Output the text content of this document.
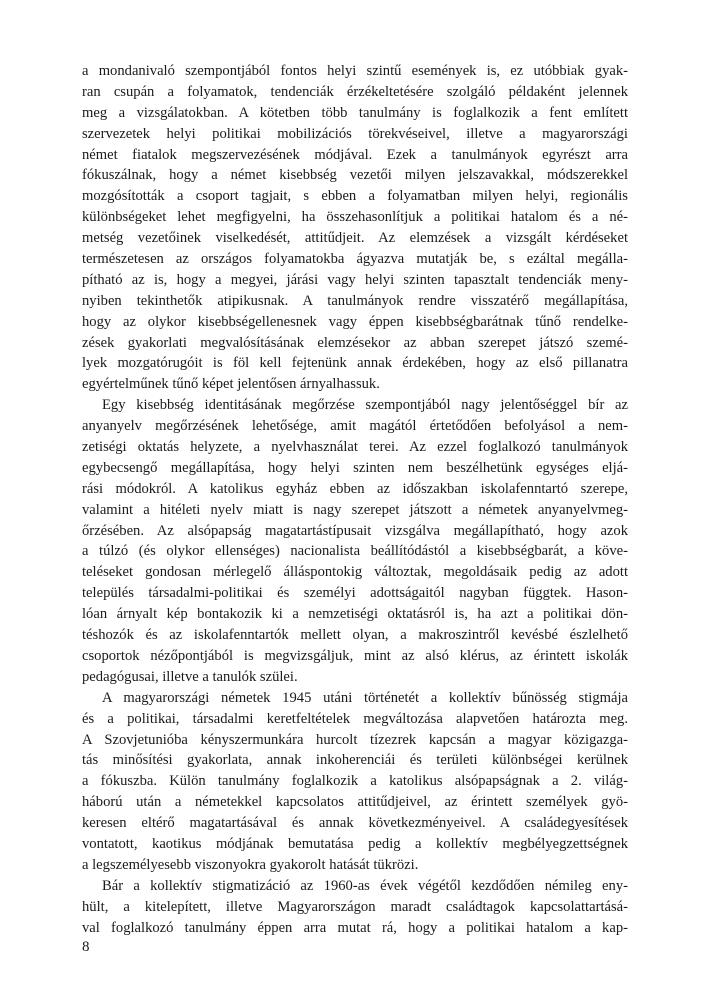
a mondanivaló szempontjából fontos helyi szintű események is, ez utóbbiak gyak-
ran csupán a folyamatok, tendenciák érzékeltetésére szolgáló példaként jelennek
meg a vizsgálatokban. A kötetben több tanulmány is foglalkozik a fent említett
szervezetek helyi politikai mobilizációs törekvéseivel, illetve a magyarországi
német fiatalok megszervezésének módjával. Ezek a tanulmányok egyrészt arra
fókuszálnak, hogy a német kisebbség vezetői milyen jelszavakkal, módszerekkel
mozgósították a csoport tagjait, s ebben a folyamatban milyen helyi, regionális
különbségeket lehet megfigyelni, ha összehasonlítjuk a politikai hatalom és a né-
metség vezetőinek viselkedését, attitűdjeit. Az elemzések a vizsgált kérdéseket
természetesen az országos folyamatokba ágyazva mutatják be, s ezáltal megálla-
pítható az is, hogy a megyei, járási vagy helyi szinten tapasztalt tendenciák meny-
nyiben tekinthetők atipikusnak. A tanulmányok rendre visszatérő megállapítása,
hogy az olykor kisebbségellenesnek vagy éppen kisebbségbarátnak tűnő rendelke-
zések gyakorlati megvalósításának elemzésekor az abban szerepet játszó szemé-
lyek mozgatórugóit is föl kell fejtenünk annak érdekében, hogy az első pillanatra
egyértelműnek tűnő képet jelentősen árnyalhassuk.
Egy kisebbség identitásának megőrzése szempontjából nagy jelentőséggel bír az
anyanyelv megőrzésének lehetősége, amit magától értetődően befolyásol a nem-
zetiségi oktatás helyzete, a nyelvhasználat terei. Az ezzel foglalkozó tanulmányok
egybecsengő megállapítása, hogy helyi szinten nem beszélhetünk egységes eljá-
rási módokról. A katolikus egyház ebben az időszakban iskolafenntartó szerepe,
valamint a hitéleti nyelv miatt is nagy szerepet játszott a németek anyanyelvmeg-
őrzésében. Az alsópapság magatartástípusait vizsgálva megállapítható, hogy azok
a túlzó (és olykor ellenséges) nacionalista beállítódástól a kisebbségbarát, a köve-
teléseket gondosan mérlegelő álláspontokig változtak, megoldásaik pedig az adott
település társadalmi-politikai és személyi adottságaitól nagyban függtek. Hason-
lóan árnyalt kép bontakozik ki a nemzetiségi oktatásról is, ha azt a politikai dön-
téshozók és az iskolafenntartók mellett olyan, a makroszintről kevésbé észlelhető
csoportok nézőpontjából is megvizsgáljuk, mint az alsó klérus, az érintett iskolák
pedagógusai, illetve a tanulók szülei.
A magyarországi németek 1945 utáni történetét a kollektív bűnösség stigmája
és a politikai, társadalmi keretfeltételek megváltozása alapvetően határozta meg.
A Szovjetunióba kényszermunkára hurcolt tízezrek kapcsán a magyar közigazga-
tás minősítési gyakorlata, annak inkoherenciái és területi különbségei kerülnek
a fókuszba. Külön tanulmány foglalkozik a katolikus alsópapságnak a 2. világ-
háború után a németekkel kapcsolatos attitűdjeivel, az érintett személyek gyö-
keresen eltérő magatartásával és annak következményeivel. A családegyesítések
vontatott, kaotikus módjának bemutatása pedig a kollektív megbélyegzettségnek
a legszemélyesebb viszonyokra gyakorolt hatását tükrözi.
Bár a kollektív stigmatizáció az 1960-as évek végétől kezdődően némileg eny-
hült, a kitelepített, illetve Magyarországon maradt családtagok kapcsolattartásá-
val foglalkozó tanulmány éppen arra mutat rá, hogy a politikai hatalom a kap-
8
